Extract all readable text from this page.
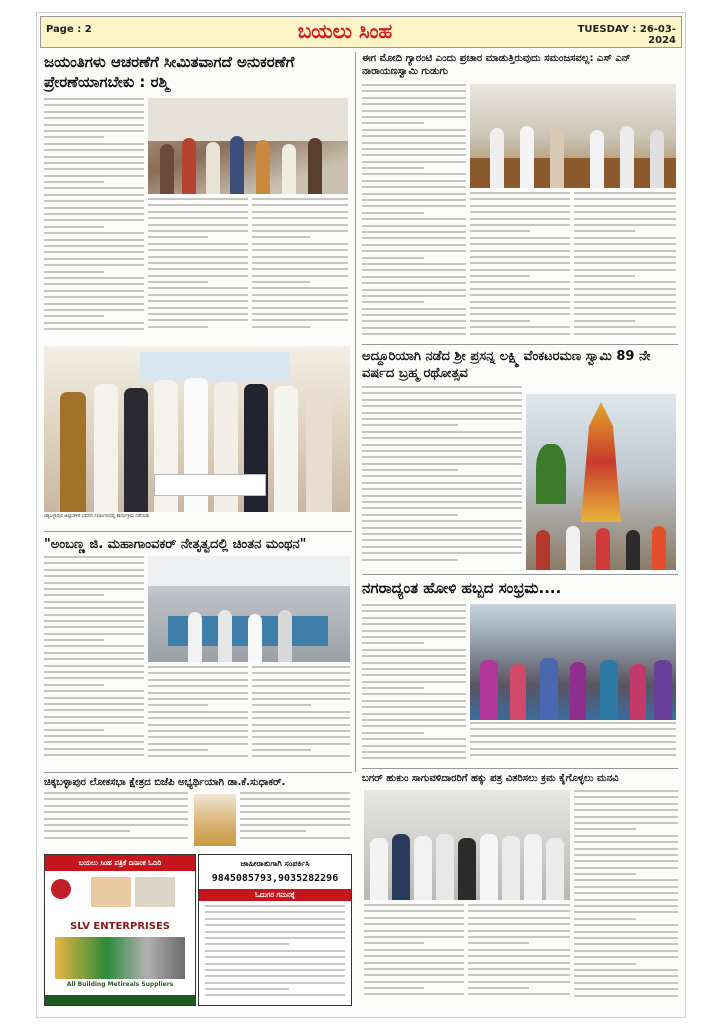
Page : 2	ಬಯಲು ಸಿಂಹ	TUESDAY : 26-03-2024
ಜಯಂತಿಗಳು ಆಚರಣೆಗೆ ಸೀಮಿತವಾಗದೆ ಅನುಕರಣೆಗೆ ಪ್ರೇರಣೆಯಾಗಬೇಕು : ರಶ್ಮಿ
ಚಿಕ್ಕಬಳ್ಳಾಪುರ ಜಿಲ್ಲಾಡಳಿತ ಭವನದ ಸಭಾಂಗಣದಲ್ಲಿ ಕಾರ್ಯಕ್ರಮ ನಡೆಯಿತು
"ಅಂಬಣ್ಣ ಜಿ. ಮಹಾಗಾಂವಕರ್ ನೇತೃತ್ವದಲ್ಲಿ ಚಿಂತನ ಮಂಥನ"
ಚಿಕ್ಕಬಳ್ಳಾಪುರ ಲೋಕಸಭಾ ಕ್ಷೇತ್ರದ ಬಿಜೆಪಿ ಅಭ್ಯರ್ಥಿಯಾಗಿ ಡಾ.ಕೆ.ಸುಧಾಕರ್.
ಬಯಲು ಸಿಂಹ ಪತ್ರಿಕೆ ದಿನಾಂಕ ಓದಿರಿ
SLV ENTERPRISES
All Building Metireals Suppliers
ಜಾಹೀರಾತುಗಾಗಿ ಸಂಪರ್ಕಿಸಿ
9845085793,9035282296
ಓದುಗರ ಗಮನಕ್ಕೆ
ಈಗ ಮೋದಿ ಗ್ಯಾರಂಟಿ ಎಂದು ಪ್ರಚಾರ ಮಾಡುತ್ತಿರುವುದು ಸಮಂಜಸವಲ್ಲ: ಎಸ್ ಎನ್ ನಾರಾಯಣಸ್ವಾಮಿ ಗುಡುಗು
ಅದ್ದೂರಿಯಾಗಿ ನಡೆದ ಶ್ರೀ ಪ್ರಸನ್ನ ಲಕ್ಷ್ಮಿ ವೆಂಕಟರಮಣ ಸ್ವಾಮಿ 89 ನೇ ವರ್ಷದ ಬ್ರಹ್ಮ ರಥೋತ್ಸವ
ನಗರಾದ್ಯಂತ ಹೋಳಿ ಹಬ್ಬದ ಸಂಭ್ರಮ....
ಬಗರ್ ಹುಕುಂ ಸಾಗುವಳಿದಾರರಿಗೆ ಹಕ್ಕು ಪತ್ರ ವಿತರಿಸಲು ಕ್ರಮ ಕೈಗೊಳ್ಳಲು ಮನವಿ
